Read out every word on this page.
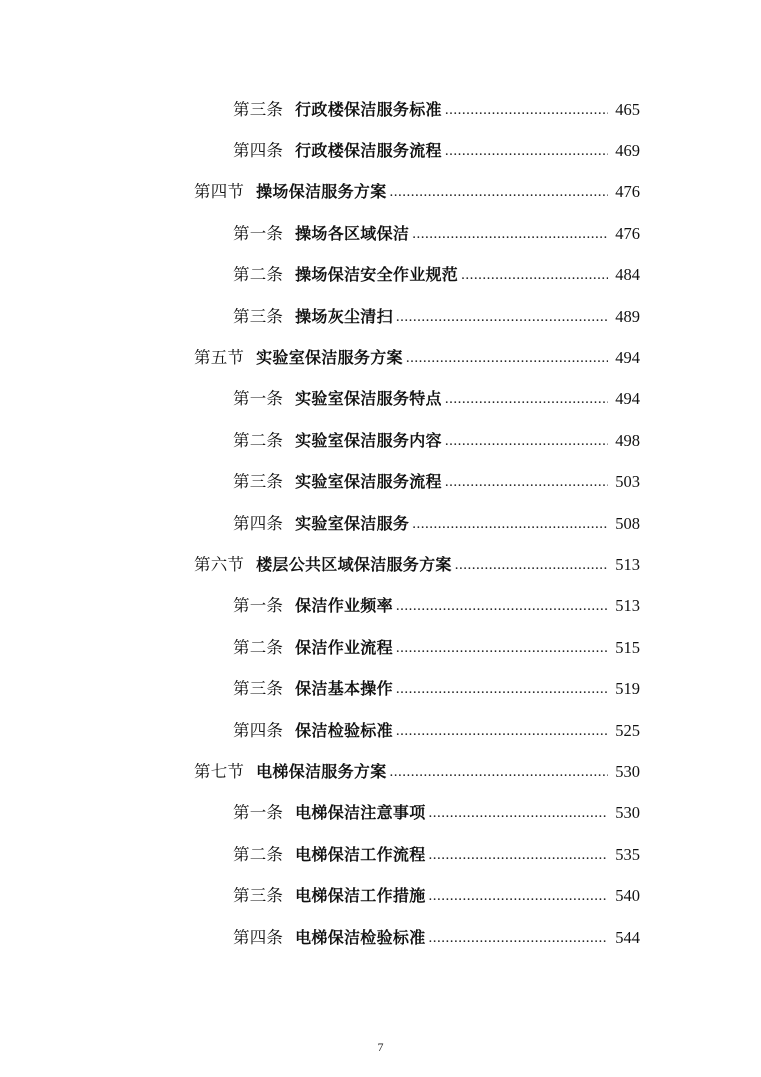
第三条 行政楼保洁服务标准 .....	465
第四条 行政楼保洁服务流程 .....	469
第四节 操场保洁服务方案 .....	476
第一条 操场各区域保洁 .....	476
第二条 操场保洁安全作业规范 .....	484
第三条 操场灰尘清扫 .....	489
第五节 实验室保洁服务方案 .....	494
第一条 实验室保洁服务特点 .....	494
第二条 实验室保洁服务内容 .....	498
第三条 实验室保洁服务流程 .....	503
第四条 实验室保洁服务 .....	508
第六节 楼层公共区域保洁服务方案 .....	513
第一条 保洁作业频率 .....	513
第二条 保洁作业流程 .....	515
第三条 保洁基本操作 .....	519
第四条 保洁检验标准 .....	525
第七节 电梯保洁服务方案 .....	530
第一条 电梯保洁注意事项 .....	530
第二条 电梯保洁工作流程 .....	535
第三条 电梯保洁工作措施 .....	540
第四条 电梯保洁检验标准 .....	544
7
